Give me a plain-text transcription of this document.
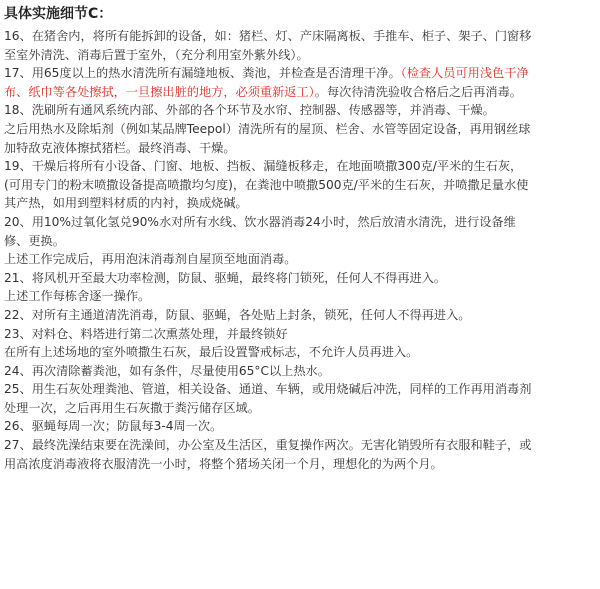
具体实施细节C：
16、在猪舍内，将所有能拆卸的设备，如：猪栏、灯、产床隔离板、手推车、柜子、架子、门窗移
至室外清洗、消毒后置于室外，（充分利用室外紫外线）。
17、用65度以上的热水清洗所有漏缝地板、粪池，并检查是否清理干净。（检查人员可用浅色干净
布、纸巾等各处擦拭，一旦擦出脏的地方，必须重新返工）。每次待清洗验收合格后之后再消毒。
18、洗刷所有通风系统内部、外部的各个环节及水帘、控制器、传感器等，并消毒、干燥。
之后用热水及除垢剂（例如某品牌Teepol）清洗所有的屋顶、栏舍、水管等固定设备，再用钢丝球
加特敌克液体擦拭猪栏。最终消毒、干燥。
19、干燥后将所有小设备、门窗、地板、挡板、漏缝板移走，在地面喷撒300克/平米的生石灰，
(可用专门的粉末喷撒设备提高喷撒均匀度)，在粪池中喷撒500克/平米的生石灰，并喷撒足量水使
其产热，如用到塑料材质的内衬，换成烧碱。
20、用10%过氧化氢兑90%水对所有水线、饮水器消毒24小时，然后放清水清洗，进行设备维
修、更换。
上述工作完成后，再用泡沫消毒剂自屋顶至地面消毒。
21、将风机开至最大功率检测，防鼠、驱蝇，最终将门锁死，任何人不得再进入。
上述工作每栋舍逐一操作。
22、对所有主通道清洗消毒，防鼠、驱蝇，各处贴上封条，锁死，任何人不得再进入。
23、对料仓、料塔进行第二次熏蒸处理，并最终锁好
在所有上述场地的室外喷撒生石灰，最后设置警戒标志，不允许人员再进入。
24、再次清除蓄粪池，如有条件，尽量使用65°C以上热水。
25、用生石灰处理粪池、管道，相关设备、通道、车辆，或用烧碱后冲洗，同样的工作再用消毒剂
处理一次，之后再用生石灰撒于粪污储存区域。
26、驱蝇每周一次；防鼠每3-4周一次。
27、最终洗澡结束要在洗澡间，办公室及生活区，重复操作两次。无害化销毁所有衣服和鞋子，或
用高浓度消毒液将衣服清洗一小时，将整个猪场关闭一个月，理想化的为两个月。
